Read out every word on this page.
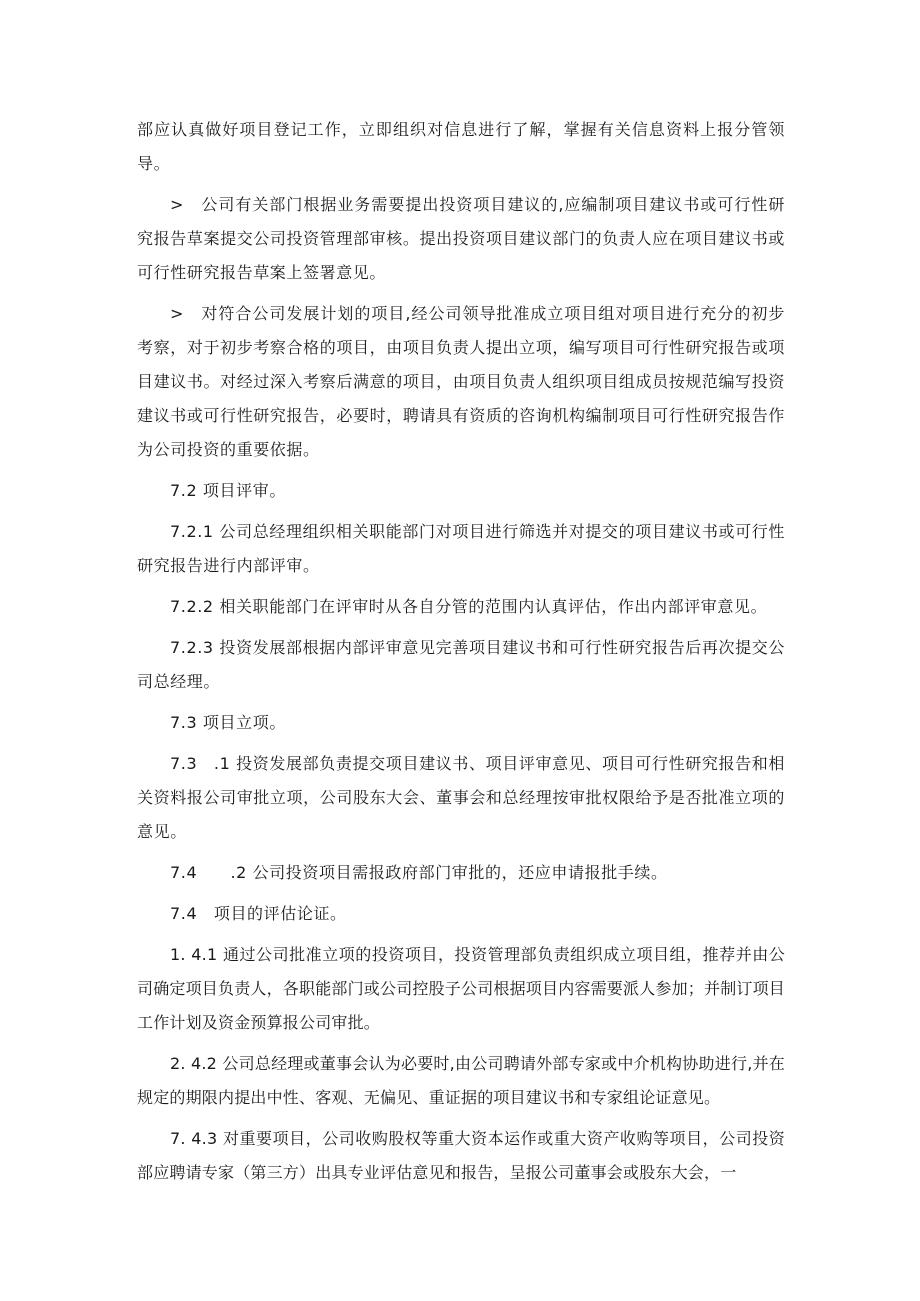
部应认真做好项目登记工作，立即组织对信息进行了解，掌握有关信息资料上报分管领导。

>　公司有关部门根据业务需要提出投资项目建议的,应编制项目建议书或可行性研究报告草案提交公司投资管理部审核。提出投资项目建议部门的负责人应在项目建议书或可行性研究报告草案上签署意见。

>　对符合公司发展计划的项目,经公司领导批准成立项目组对项目进行充分的初步考察，对于初步考察合格的项目，由项目负责人提出立项，编写项目可行性研究报告或项目建议书。对经过深入考察后满意的项目，由项目负责人组织项目组成员按规范编写投资建议书或可行性研究报告，必要时，聘请具有资质的咨询机构编制项目可行性研究报告作为公司投资的重要依据。

7.2 项目评审。

7.2.1 公司总经理组织相关职能部门对项目进行筛选并对提交的项目建议书或可行性研究报告进行内部评审。

7.2.2 相关职能部门在评审时从各自分管的范围内认真评估，作出内部评审意见。

7.2.3 投资发展部根据内部评审意见完善项目建议书和可行性研究报告后再次提交公司总经理。

7.3 项目立项。

7.3　.1 投资发展部负责提交项目建议书、项目评审意见、项目可行性研究报告和相关资料报公司审批立项，公司股东大会、董事会和总经理按审批权限给予是否批准立项的意见。

7.4　　.2 公司投资项目需报政府部门审批的，还应申请报批手续。

7.4　项目的评估论证。

1. 4.1 通过公司批准立项的投资项目，投资管理部负责组织成立项目组，推荐并由公司确定项目负责人，各职能部门或公司控股子公司根据项目内容需要派人参加；并制订项目工作计划及资金预算报公司审批。

2. 4.2 公司总经理或董事会认为必要时,由公司聘请外部专家或中介机构协助进行,并在规定的期限内提出中性、客观、无偏见、重证据的项目建议书和专家组论证意见。

7. 4.3 对重要项目，公司收购股权等重大资本运作或重大资产收购等项目，公司投资部应聘请专家（第三方）出具专业评估意见和报告，呈报公司董事会或股东大会，一
